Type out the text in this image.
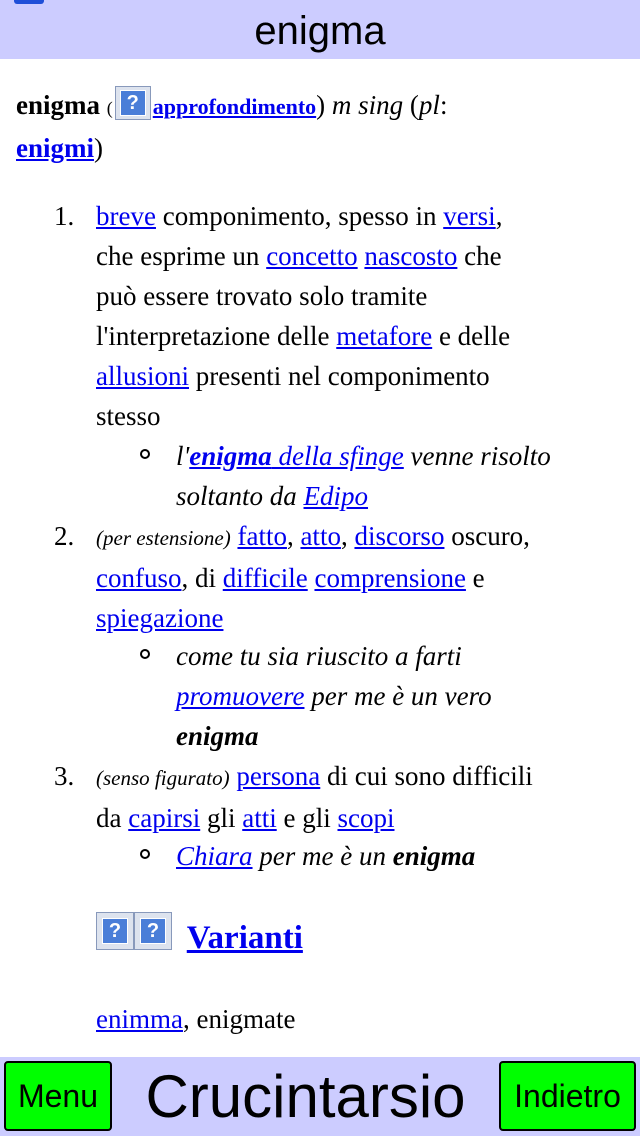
enigma
enigma ( ? approfondimento) m sing (pl:
enigmi)
1. breve componimento, spesso in versi,
che esprime un concetto nascosto che
può essere trovato solo tramite
l'interpretazione delle metafore e delle
allusioni presenti nel componimento
stesso
l'enigma della sfinge venne risolto
soltanto da Edipo
2. (per estensione) fatto, atto, discorso oscuro,
confuso, di difficile comprensione e
spiegazione
come tu sia riuscito a farti
promuovere per me è un vero
enigma
3. (senso figurato) persona di cui sono difficili
da capirsi gli atti e gli scopi
Chiara per me è un enigma
?	? Varianti
enimma, enigmate
Menu Crucintarsio	Indietro
